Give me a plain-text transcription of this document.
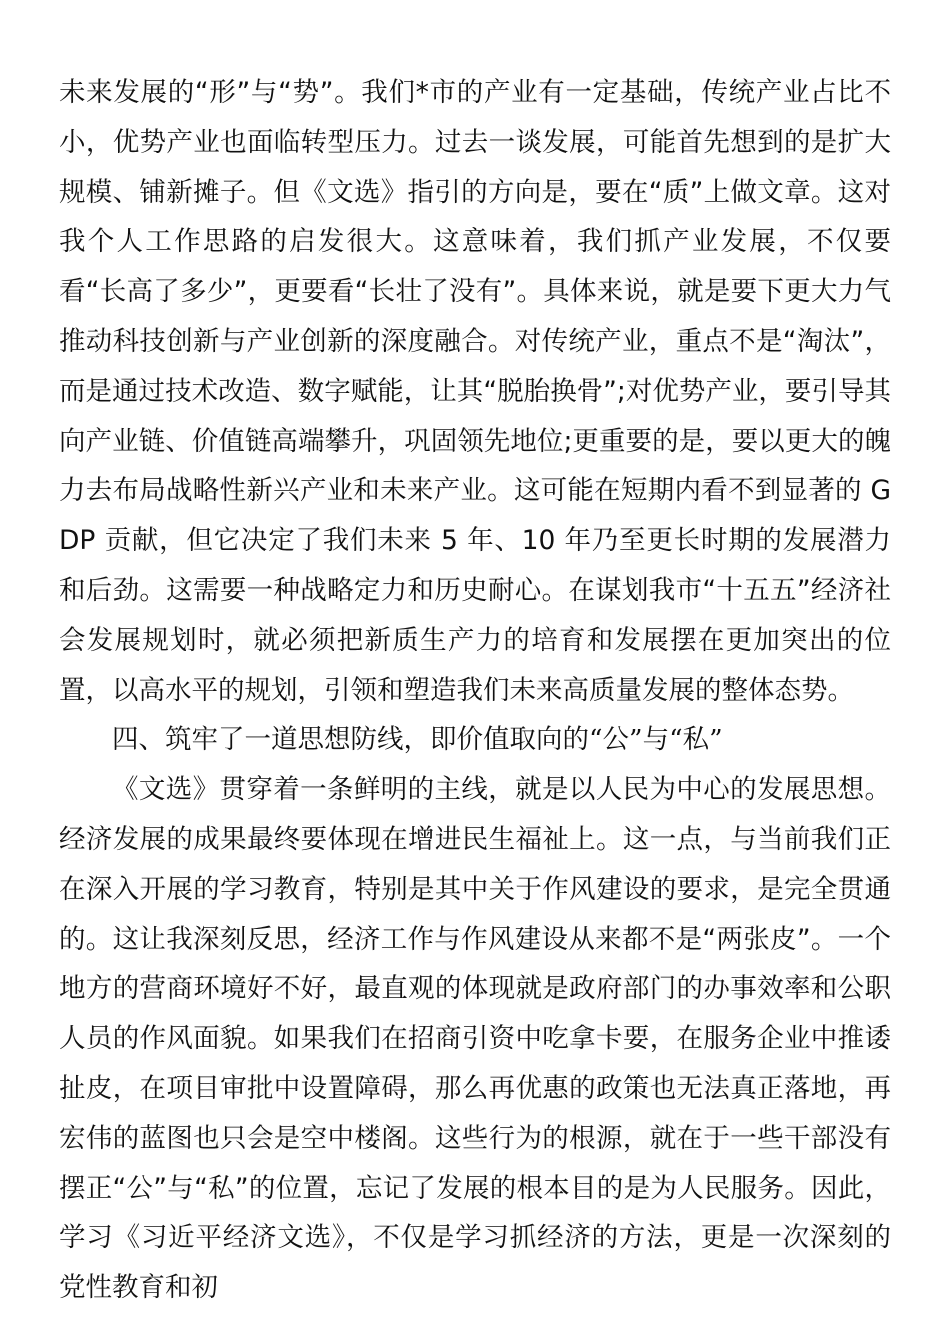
未来发展的“形”与“势”。我们*市的产业有一定基础，传统产业占比不小，优势产业也面临转型压力。过去一谈发展，可能首先想到的是扩大规模、铺新摊子。但《文选》指引的方向是，要在“质”上做文章。这对我个人工作思路的启发很大。这意味着，我们抓产业发展，不仅要看“长高了多少”，更要看“长壮了没有”。具体来说，就是要下更大力气推动科技创新与产业创新的深度融合。对传统产业，重点不是“淘汰”，而是通过技术改造、数字赋能，让其“脱胎换骨”;对优势产业，要引导其向产业链、价值链高端攀升，巩固领先地位;更重要的是，要以更大的魄力去布局战略性新兴产业和未来产业。这可能在短期内看不到显著的 GDP 贡献，但它决定了我们未来 5 年、10 年乃至更长时期的发展潜力和后劲。这需要一种战略定力和历史耐心。在谋划我市“十五五”经济社会发展规划时，就必须把新质生产力的培育和发展摆在更加突出的位置，以高水平的规划，引领和塑造我们未来高质量发展的整体态势。

四、筑牢了一道思想防线，即价值取向的“公”与“私”

《文选》贯穿着一条鲜明的主线，就是以人民为中心的发展思想。经济发展的成果最终要体现在增进民生福祉上。这一点，与当前我们正在深入开展的学习教育，特别是其中关于作风建设的要求，是完全贯通的。这让我深刻反思，经济工作与作风建设从来都不是“两张皮”。一个地方的营商环境好不好，最直观的体现就是政府部门的办事效率和公职人员的作风面貌。如果我们在招商引资中吃拿卡要，在服务企业中推诿扯皮，在项目审批中设置障碍，那么再优惠的政策也无法真正落地，再宏伟的蓝图也只会是空中楼阁。这些行为的根源，就在于一些干部没有摆正“公”与“私”的位置，忘记了发展的根本目的是为人民服务。因此，学习《习近平经济文选》，不仅是学习抓经济的方法，更是一次深刻的党性教育和初
